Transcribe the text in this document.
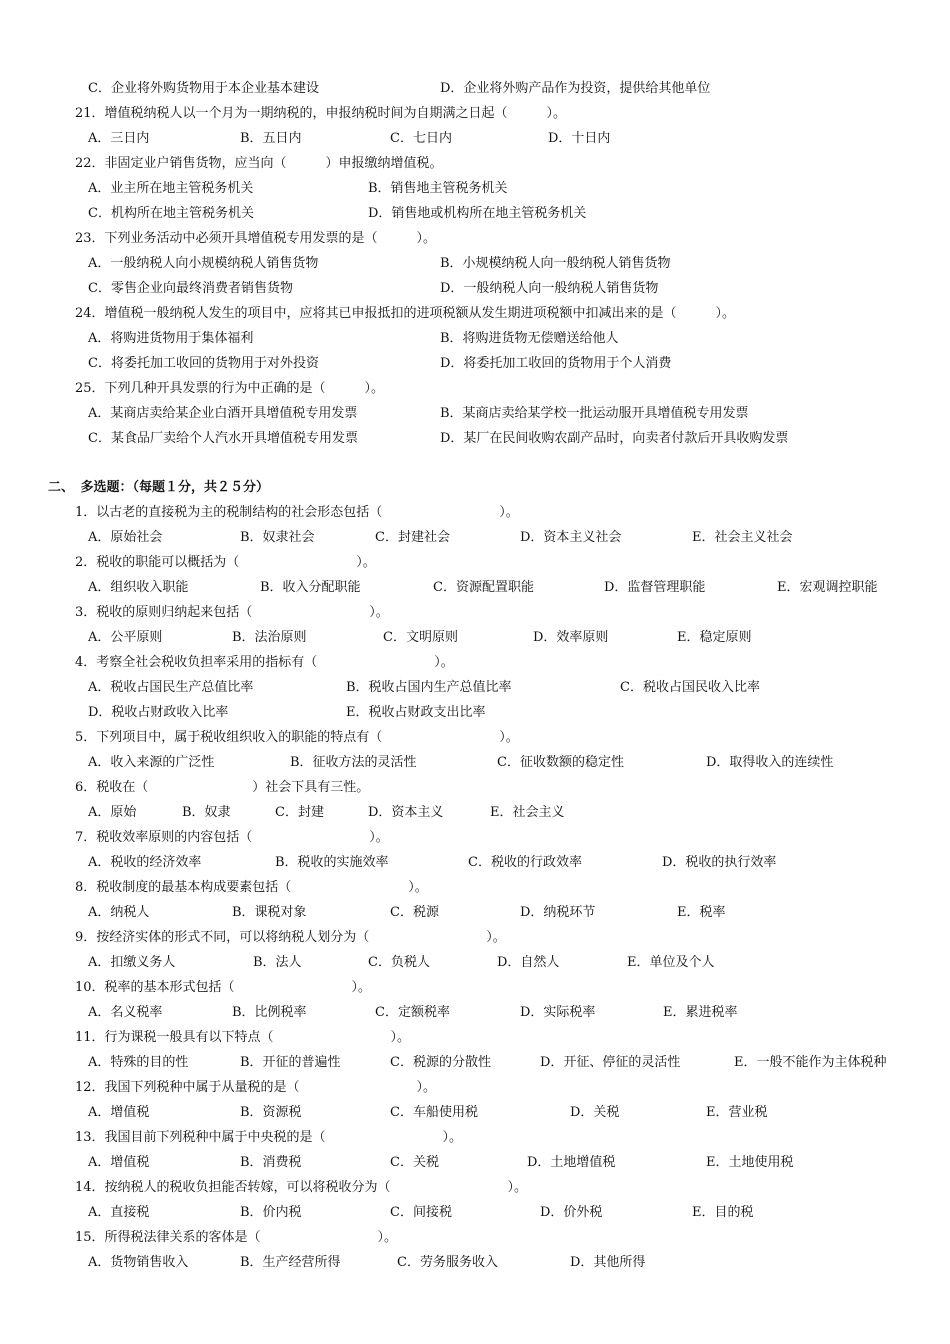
C．企业将外购货物用于本企业基本建设	D．企业将外购产品作为投资，提供给其他单位
21．增值税纳税人以一个月为一期纳税的，申报纳税时间为自期满之日起（　　　）。
A．三日内	B．五日内	C．七日内	D．十日内
22．非固定业户销售货物，应当向（　　　）申报缴纳增值税。
A．业主所在地主管税务机关	B．销售地主管税务机关
C．机构所在地主管税务机关	D．销售地或机构所在地主管税务机关
23．下列业务活动中必须开具增值税专用发票的是（　　　）。
A．一般纳税人向小规模纳税人销售货物	B．小规模纳税人向一般纳税人销售货物
C．零售企业向最终消费者销售货物	D．一般纳税人向一般纳税人销售货物
24．增值税一般纳税人发生的项目中，应将其已申报抵扣的进项税额从发生期进项税额中扣减出来的是（　　　）。
A．将购进货物用于集体福利	B．将购进货物无偿赠送给他人
C．将委托加工收回的货物用于对外投资	D．将委托加工收回的货物用于个人消费
25．下列几种开具发票的行为中正确的是（　　　）。
A．某商店卖给某企业白酒开具增值税专用发票	B．某商店卖给某学校一批运动服开具增值税专用发票
C．某食品厂卖给个人汽水开具增值税专用发票	D．某厂在民间收购农副产品时，向卖者付款后开具收购发票
二、　多选题：（每题１分，共２５分）
1．以古老的直接税为主的税制结构的社会形态包括（　　　　　　　　　）。
A．原始社会	B．奴隶社会	C．封建社会	D．资本主义社会	E．社会主义社会
2．税收的职能可以概括为（　　　　　　　　　）。
A．组织收入职能	B．收入分配职能	C．资源配置职能	D．监督管理职能	E．宏观调控职能
3．税收的原则归纳起来包括（　　　　　　　　　）。
A．公平原则	B．法治原则	C．文明原则	D．效率原则	E．稳定原则
4．考察全社会税收负担率采用的指标有（　　　　　　　　　）。
A．税收占国民生产总值比率	B．税收占国内生产总值比率	C．税收占国民收入比率
D．税收占财政收入比率	E．税收占财政支出比率
5．下列项目中，属于税收组织收入的职能的特点有（　　　　　　　　　）。
A．收入来源的广泛性	B．征收方法的灵活性	C．征收数额的稳定性	D．取得收入的连续性
6．税收在（　　　　　　　　）社会下具有三性。
A．原始	B．奴隶	C．封建	D．资本主义	E．社会主义
7．税收效率原则的内容包括（　　　　　　　　　）。
A．税收的经济效率	B．税收的实施效率	C．税收的行政效率	D．税收的执行效率
8．税收制度的最基本构成要素包括（　　　　　　　　　）。
A．纳税人	B．课税对象	C．税源	D．纳税环节	E．税率
9．按经济实体的形式不同，可以将纳税人划分为（　　　　　　　　　）。
A．扣缴义务人	B．法人	C．负税人	D．自然人	E．单位及个人
10．税率的基本形式包括（　　　　　　　　　）。
A．名义税率	B．比例税率	C．定额税率	D．实际税率	E．累进税率
11．行为课税一般具有以下特点（　　　　　　　　　）。
A．特殊的目的性	B．开征的普遍性	C．税源的分散性	D．开征、停征的灵活性	E．一般不能作为主体税种
12．我国下列税种中属于从量税的是（　　　　　　　　　）。
A．增值税	B．资源税	C．车船使用税	D．关税	E．营业税
13．我国目前下列税种中属于中央税的是（　　　　　　　　　）。
A．增值税	B．消费税	C．关税	D．土地增值税	E．土地使用税
14．按纳税人的税收负担能否转嫁，可以将税收分为（　　　　　　　　　）。
A．直接税	B．价内税	C．间接税	D．价外税	E．目的税
15．所得税法律关系的客体是（　　　　　　　　　）。
A．货物销售收入	B．生产经营所得	C．劳务服务收入	D．其他所得
